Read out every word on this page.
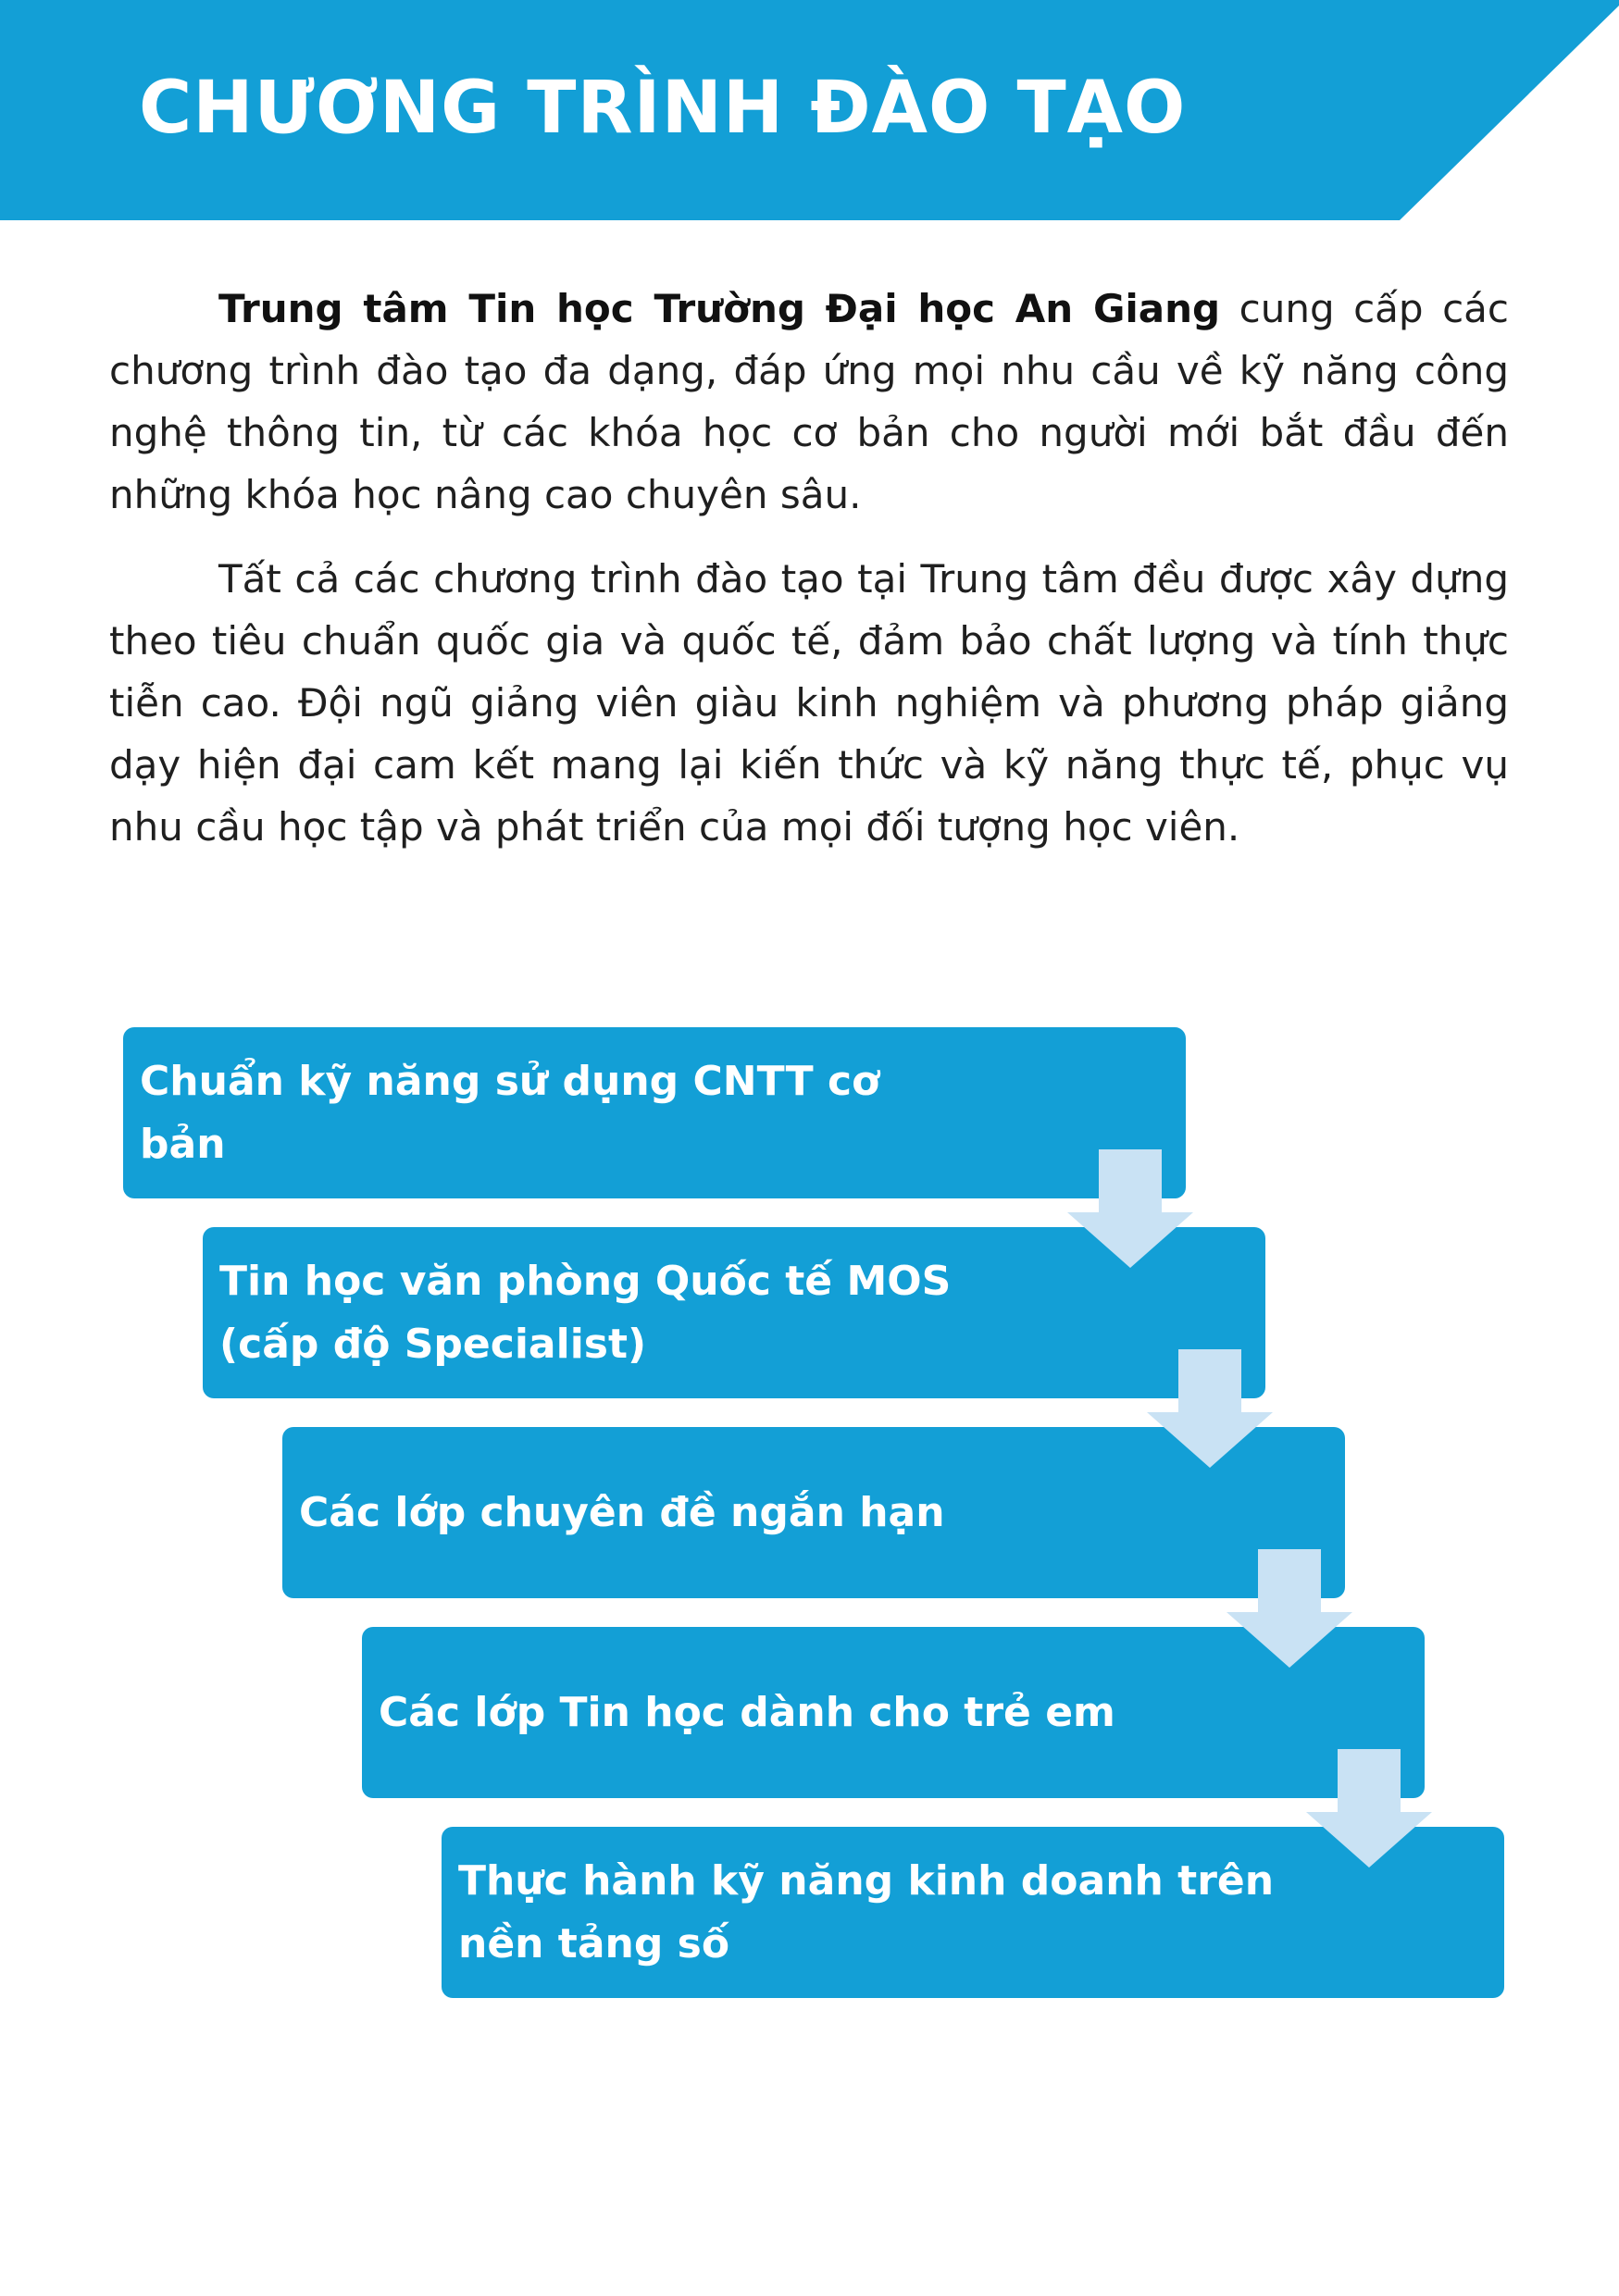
CHƯƠNG TRÌNH ĐÀO TẠO

Trung tâm Tin học Trường Đại học An Giang cung cấp các chương trình đào tạo đa dạng, đáp ứng mọi nhu cầu về kỹ năng công nghệ thông tin, từ các khóa học cơ bản cho người mới bắt đầu đến những khóa học nâng cao chuyên sâu.

Tất cả các chương trình đào tạo tại Trung tâm đều được xây dựng theo tiêu chuẩn quốc gia và quốc tế, đảm bảo chất lượng và tính thực tiễn cao. Đội ngũ giảng viên giàu kinh nghiệm và phương pháp giảng dạy hiện đại cam kết mang lại kiến thức và kỹ năng thực tế, phục vụ nhu cầu học tập và phát triển của mọi đối tượng học viên.

Chuẩn kỹ năng sử dụng CNTT cơ bản
Tin học văn phòng Quốc tế MOS (cấp độ Specialist)
Các lớp chuyên đề ngắn hạn
Các lớp Tin học dành cho trẻ em
Thực hành kỹ năng kinh doanh trên nền tảng số
